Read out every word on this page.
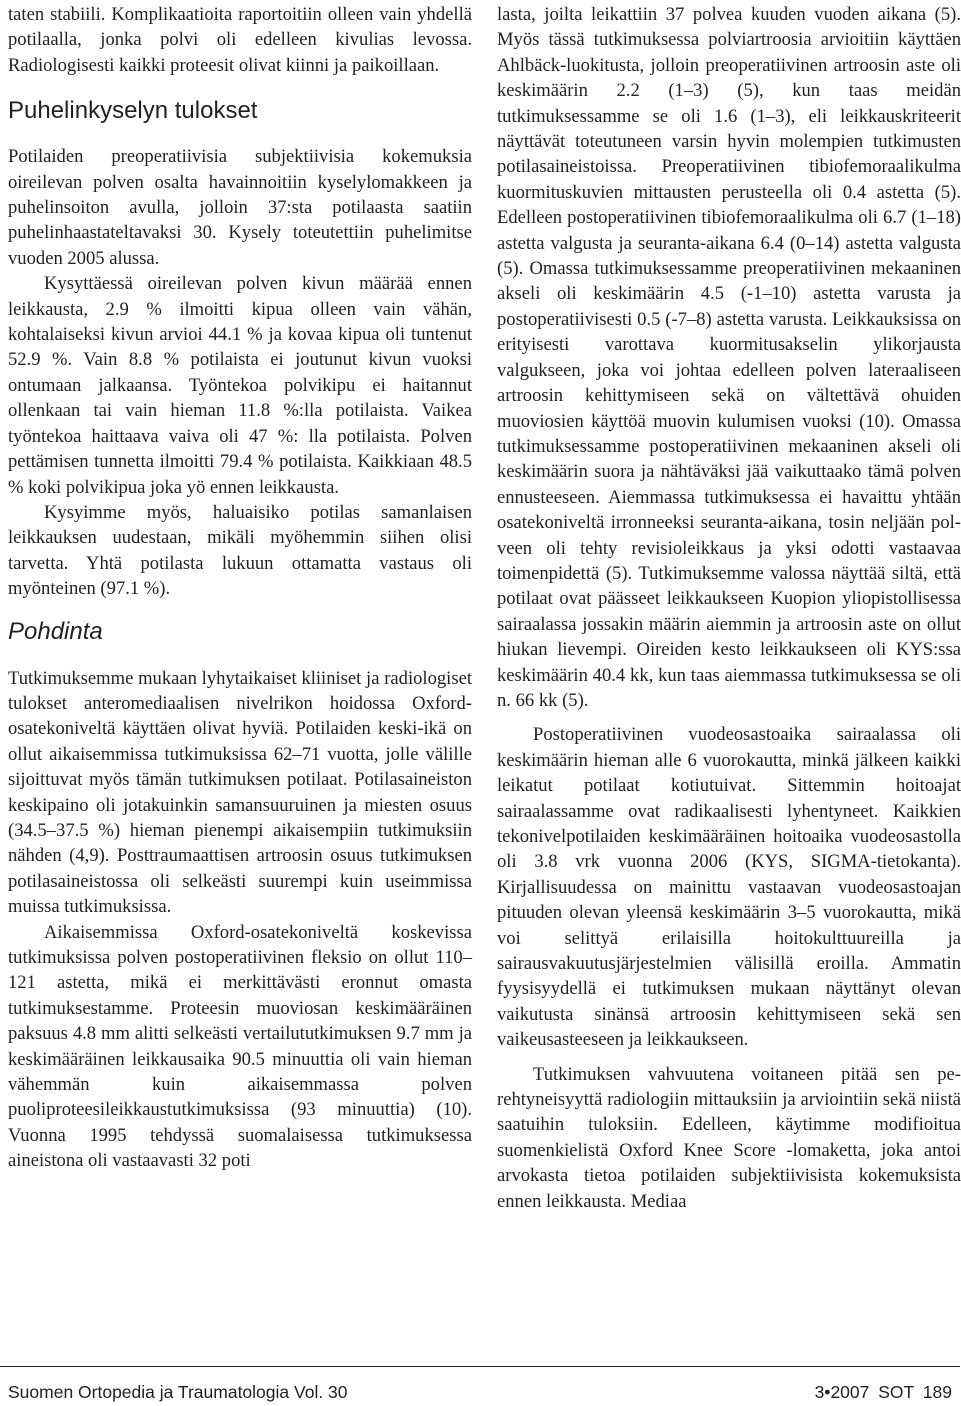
taten stabiili. Komplikaatioita raportoitiin olleen vain yhdellä potilaalla, jonka polvi oli edelleen kivulias levossa. Radiologisesti kaikki proteesit olivat kiinni ja paikoillaan.

Puhelinkyselyn tulokset

Potilaiden preoperatiivisia subjektiivisia kokemuksia oireilevan polven osalta havainnoitiin kyselylomakkeen ja puhelinsoiton avulla, jolloin 37:sta potilaasta saatiin puhelinhaastateltavaksi 30. Kysely toteutettiin puhelimitse vuoden 2005 alussa.

Kysyttäessä oireilevan polven kivun määrää ennen leikkausta, 2.9 % ilmoitti kipua olleen vain vähän, kohtalaiseksi kivun arvioi 44.1 % ja kovaa kipua oli tuntenut 52.9 %. Vain 8.8 % potilaista ei joutunut kivun vuoksi ontumaan jalkaansa. Työntekoa polvikipu ei haitannut ollenkaan tai vain hieman 11.8 %:lla potilaista. Vaikea työntekoa haittaava vaiva oli 47 %: lla potilaista. Polven pettämisen tunnetta ilmoitti 79.4 % potilaista. Kaikkiaan 48.5 % koki polvikipua joka yö ennen leikkausta.

Kysyimme myös, haluaisiko potilas samanlaisen leikkauksen uudestaan, mikäli myöhemmin siihen olisi tarvetta. Yhtä potilasta lukuun ottamatta vastaus oli myönteinen (97.1 %).

Pohdinta

Tutkimuksemme mukaan lyhytaikaiset kliiniset ja radiologiset tulokset anteromediaalisen nivelrikon hoidossa Oxford-osatekoniveltä käyttäen olivat hyviä. Potilaiden keski-ikä on ollut aikaisemmissa tutkimuksissa 62–71 vuotta, jolle välille sijoittuvat myös tämän tutkimuksen potilaat. Potilasaineiston keskipaino oli jotakuinkin samansuuruinen ja miesten osuus (34.5–37.5 %) hieman pienempi aikaisempiin tutkimuksiin nähden (4,9). Posttraumaattisen artroosin osuus tutkimuksen potilasaineistossa oli selkeästi suurempi kuin useimmissa muissa tutkimuksissa.

Aikaisemmissa Oxford-osatekoniveltä koskevissa tutkimuksissa polven postoperatiivinen fleksio on ollut 110–121 astetta, mikä ei merkittävästi eronnut omasta tutkimuksestamme. Proteesin muoviosan keskimääräinen paksuus 4.8 mm alitti selkeästi vertailututkimuksen 9.7 mm ja keskimääräinen leikkausaika 90.5 minuuttia oli vain hieman vähemmän kuin aikaisemmassa polven puoliproteesileikkaustutkimuksissa (93 minuuttia) (10). Vuonna 1995 tehdyssä suomalaisessa tutkimuksessa aineistona oli vastaavasti 32 poti

lasta, joilta leikattiin 37 polvea kuuden vuoden aikana (5). Myös tässä tutkimuksessa polviartroosia arvioitiin käyttäen Ahlbäck-luokitusta, jolloin preoperatiivinen artroosin aste oli keskimäärin 2.2 (1–3) (5), kun taas meidän tutkimuksessamme se oli 1.6 (1–3), eli leikkauskriteerit näyttävät toteutuneen varsin hyvin molempien tutkimusten potilasaineistoissa. Preoperatiivinen tibiofemoraalikulma kuormituskuvien mittausten perusteella oli 0.4 astetta (5). Edelleen postoperatiivinen tibiofemoraalikulma oli 6.7 (1–18) astetta valgusta ja seuranta-aikana 6.4 (0–14) astetta valgusta (5). Omassa tutkimuksessamme preoperatiivinen mekaaninen akseli oli keskimäärin 4.5 (-1–10) astetta varusta ja postoperatiivisesti 0.5 (-7–8) astetta varusta. Leikkauksissa on erityisesti varottava kuormitusakselin ylikorjausta valgukseen, joka voi johtaa edelleen polven lateraaliseen artroosin kehittymiseen sekä on vältettävä ohuiden muoviosien käyttöä muovin kulumisen vuoksi (10). Omassa tutkimuksessamme postoperatiivinen mekaaninen akseli oli keskimäärin suora ja nähtäväksi jää vaikuttaako tämä polven ennusteeseen. Aiemmassa tutkimuksessa ei havaittu yhtään osatekoniveltä irronneeksi seuranta-aikana, tosin neljään polveen oli tehty revisioleikkaus ja yksi odotti vastaavaa toimenpidettä (5). Tutkimuksemme valossa näyttää siltä, että potilaat ovat päässeet leikkaukseen Kuopion yliopistollisessa sairaalassa jossakin määrin aiemmin ja artroosin aste on ollut hiukan lievempi. Oireiden kesto leikkaukseen oli KYS:ssa keskimäärin 40.4 kk, kun taas aiemmassa tutkimuksessa se oli n. 66 kk (5).

Postoperatiivinen vuodeosastoaika sairaalassa oli keskimäärin hieman alle 6 vuorokautta, minkä jälkeen kaikki leikatut potilaat kotiutuivat. Sittemmin hoitoajat sairaalassamme ovat radikaalisesti lyhentyneet. Kaikkien tekonivelpotilaiden keskimääräinen hoitoaika vuodeosastolla oli 3.8 vrk vuonna 2006 (KYS, SIGMA-tietokanta). Kirjallisuudessa on mainittu vastaavan vuodeosastoajan pituuden olevan yleensä keskimäärin 3–5 vuorokautta, mikä voi selittyä erilaisilla hoitokulttuureilla ja sairausvakuutusjärjestelmien välisillä eroilla. Ammatin fyysisyydellä ei tutkimuksen mukaan näyttänyt olevan vaikutusta sinänsä artroosin kehittymiseen sekä sen vaikeusasteeseen ja leikkaukseen.

Tutkimuksen vahvuutena voitaneen pitää sen perehtyneisyyttä radiologiin mittauksiin ja arviointiin sekä niistä saatuihin tuloksiin. Edelleen, käytimme modifioitua suomenkielistä Oxford Knee Score -lomaketta, joka antoi arvokasta tietoa potilaiden subjektiivisista kokemuksista ennen leikkausta. Mediaa

Suomen Ortopedia ja Traumatologia Vol. 30	3•2007 SOT 189
